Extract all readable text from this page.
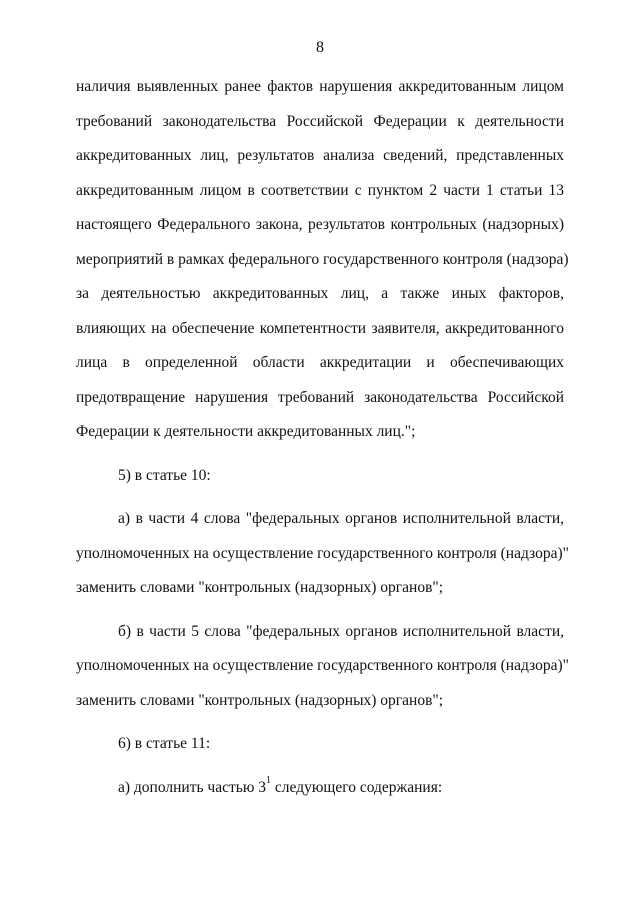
8
наличия выявленных ранее фактов нарушения аккредитованным лицом
требований законодательства Российской Федерации к деятельности
аккредитованных лиц, результатов анализа сведений, представленных
аккредитованным лицом в соответствии с пунктом 2 части 1 статьи 13
настоящего Федерального закона, результатов контрольных (надзорных)
мероприятий в рамках федерального государственного контроля (надзора)
за деятельностью аккредитованных лиц, а также иных факторов,
влияющих на обеспечение компетентности заявителя, аккредитованного
лица в определенной области аккредитации и обеспечивающих
предотвращение нарушения требований законодательства Российской
Федерации к деятельности аккредитованных лиц.";
5) в статье 10:
а) в части 4 слова "федеральных органов исполнительной власти,
уполномоченных на осуществление государственного контроля (надзора)"
заменить словами "контрольных (надзорных) органов";
б) в части 5 слова "федеральных органов исполнительной власти,
уполномоченных на осуществление государственного контроля (надзора)"
заменить словами "контрольных (надзорных) органов";
6) в статье 11:
а) дополнить частью $3^1$ следующего содержания:
